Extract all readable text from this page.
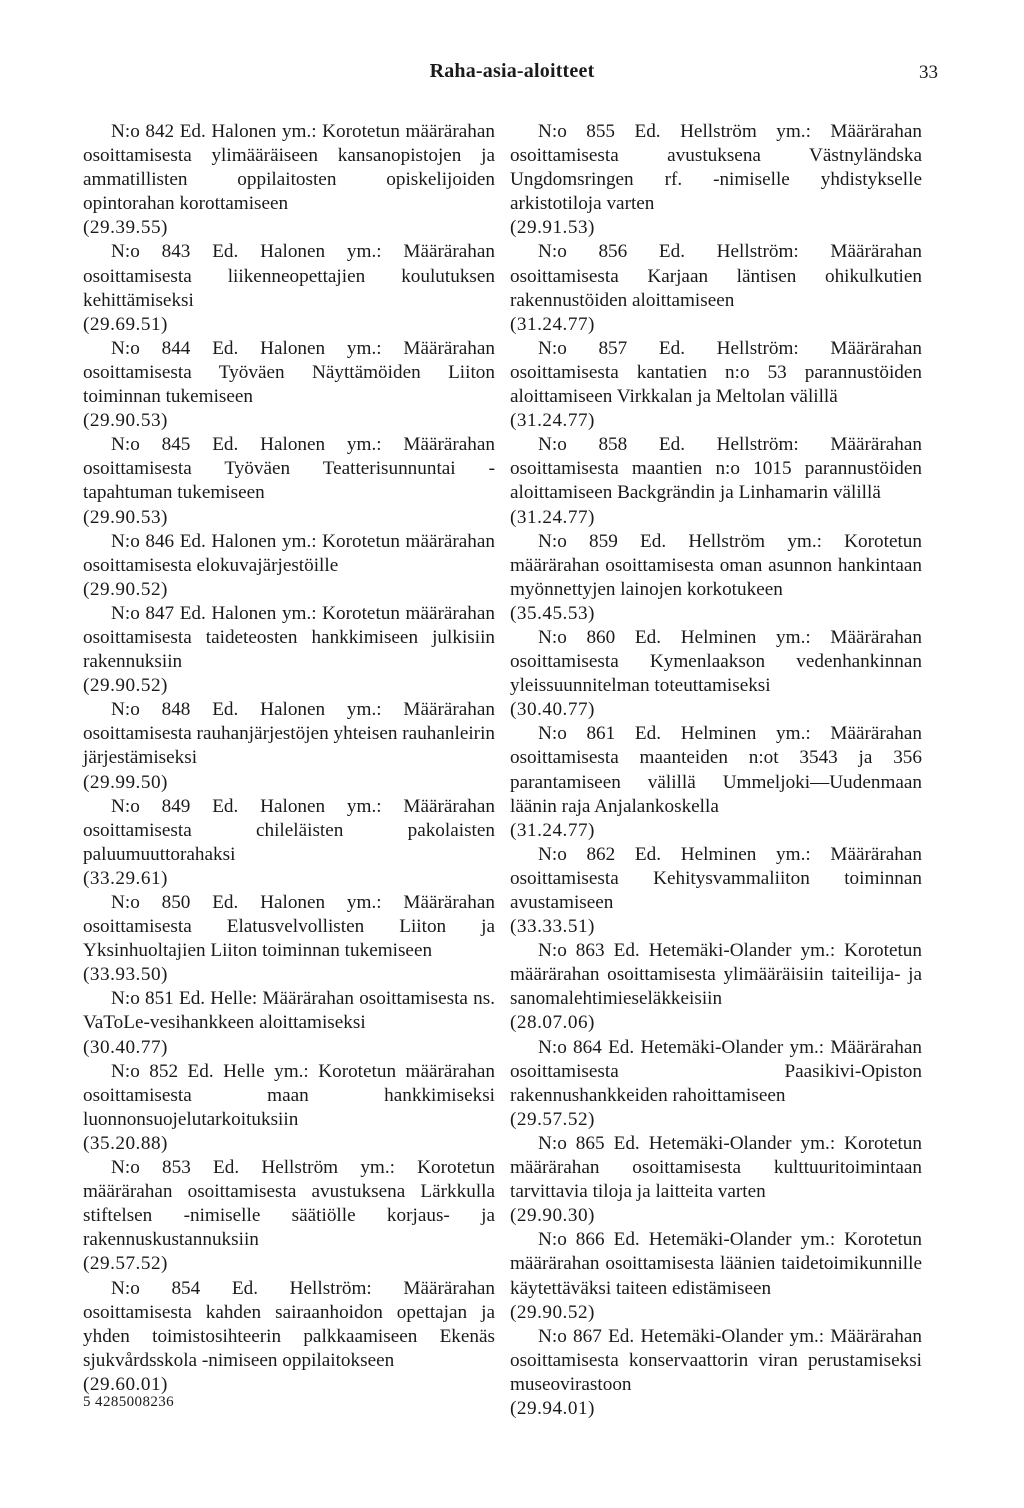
Raha-asia-aloitteet	33
N:o 842 Ed. Halonen ym.: Korotetun määrärahan osoittamisesta ylimääräiseen kansanopistojen ja ammatillisten oppilaitosten opiskelijoiden opintorahan korottamiseen
(29.39.55)
N:o 843 Ed. Halonen ym.: Määrärahan osoittamisesta liikenneopettajien koulutuksen kehittämiseksi
(29.69.51)
N:o 844 Ed. Halonen ym.: Määrärahan osoittamisesta Työväen Näyttämöiden Liiton toiminnan tukemiseen
(29.90.53)
N:o 845 Ed. Halonen ym.: Määrärahan osoittamisesta Työväen Teatterisunnuntai -tapahtuman tukemiseen
(29.90.53)
N:o 846 Ed. Halonen ym.: Korotetun määrärahan osoittamisesta elokuvajärjestöille
(29.90.52)
N:o 847 Ed. Halonen ym.: Korotetun määrärahan osoittamisesta taideteosten hankkimiseen julkisiin rakennuksiin
(29.90.52)
N:o 848 Ed. Halonen ym.: Määrärahan osoittamisesta rauhanjärjestöjen yhteisen rauhanleirin järjestämiseksi
(29.99.50)
N:o 849 Ed. Halonen ym.: Määrärahan osoittamisesta chileläisten pakolaisten paluumuuttorahaksi
(33.29.61)
N:o 850 Ed. Halonen ym.: Määrärahan osoittamisesta Elatusvelvollisten Liiton ja Yksinhuoltajien Liiton toiminnan tukemiseen
(33.93.50)
N:o 851 Ed. Helle: Määrärahan osoittamisesta ns. VaToLe-vesihankkeen aloittamiseksi
(30.40.77)
N:o 852 Ed. Helle ym.: Korotetun määrärahan osoittamisesta maan hankkimiseksi luonnonsuojelutarkoituksiin
(35.20.88)
N:o 853 Ed. Hellström ym.: Korotetun määrärahan osoittamisesta avustuksena Lärkkulla stiftelsen -nimiselle säätiölle korjaus- ja rakennuskustannuksiin
(29.57.52)
N:o 854 Ed. Hellström: Määrärahan osoittamisesta kahden sairaanhoidon opettajan ja yhden toimistosihteerin palkkaamiseen Ekenäs sjukvårdsskola -nimiseen oppilaitokseen
(29.60.01)
N:o 855 Ed. Hellström ym.: Määrärahan osoittamisesta avustuksena Västnyländska Ungdomsringen rf. -nimiselle yhdistykselle arkistotiloja varten
(29.91.53)
N:o 856 Ed. Hellström: Määrärahan osoittamisesta Karjaan läntisen ohikulkutien rakennustöiden aloittamiseen
(31.24.77)
N:o 857 Ed. Hellström: Määrärahan osoittamisesta kantatien n:o 53 parannustöiden aloittamiseen Virkkalan ja Meltolan välillä
(31.24.77)
N:o 858 Ed. Hellström: Määrärahan osoittamisesta maantien n:o 1015 parannustöiden aloittamiseen Backgrändin ja Linhamarin välillä
(31.24.77)
N:o 859 Ed. Hellström ym.: Korotetun määrärahan osoittamisesta oman asunnon hankintaan myönnettyjen lainojen korkotukeen
(35.45.53)
N:o 860 Ed. Helminen ym.: Määrärahan osoittamisesta Kymenlaakson vedenhankinnan yleissuunnitelman toteuttamiseksi
(30.40.77)
N:o 861 Ed. Helminen ym.: Määrärahan osoittamisesta maanteiden n:ot 3543 ja 356 parantamiseen välillä Ummeljoki—Uudenmaan läänin raja Anjalankoskella
(31.24.77)
N:o 862 Ed. Helminen ym.: Määrärahan osoittamisesta Kehitysvammaliiton toiminnan avustamiseen
(33.33.51)
N:o 863 Ed. Hetemäki-Olander ym.: Korotetun määrärahan osoittamisesta ylimääräisiin taiteilija- ja sanomalehtimieseläkkeisiin
(28.07.06)
N:o 864 Ed. Hetemäki-Olander ym.: Määrärahan osoittamisesta Paasikivi-Opiston rakennushankkeiden rahoittamiseen
(29.57.52)
N:o 865 Ed. Hetemäki-Olander ym.: Korotetun määrärahan osoittamisesta kulttuuritoimintaan tarvittavia tiloja ja laitteita varten
(29.90.30)
N:o 866 Ed. Hetemäki-Olander ym.: Korotetun määrärahan osoittamisesta läänien taidetoimikunnille käytettäväksi taiteen edistämiseen
(29.90.52)
N:o 867 Ed. Hetemäki-Olander ym.: Määrärahan osoittamisesta konservaattorin viran perustamiseksi museovirastoon
(29.94.01)
5 4285008236
